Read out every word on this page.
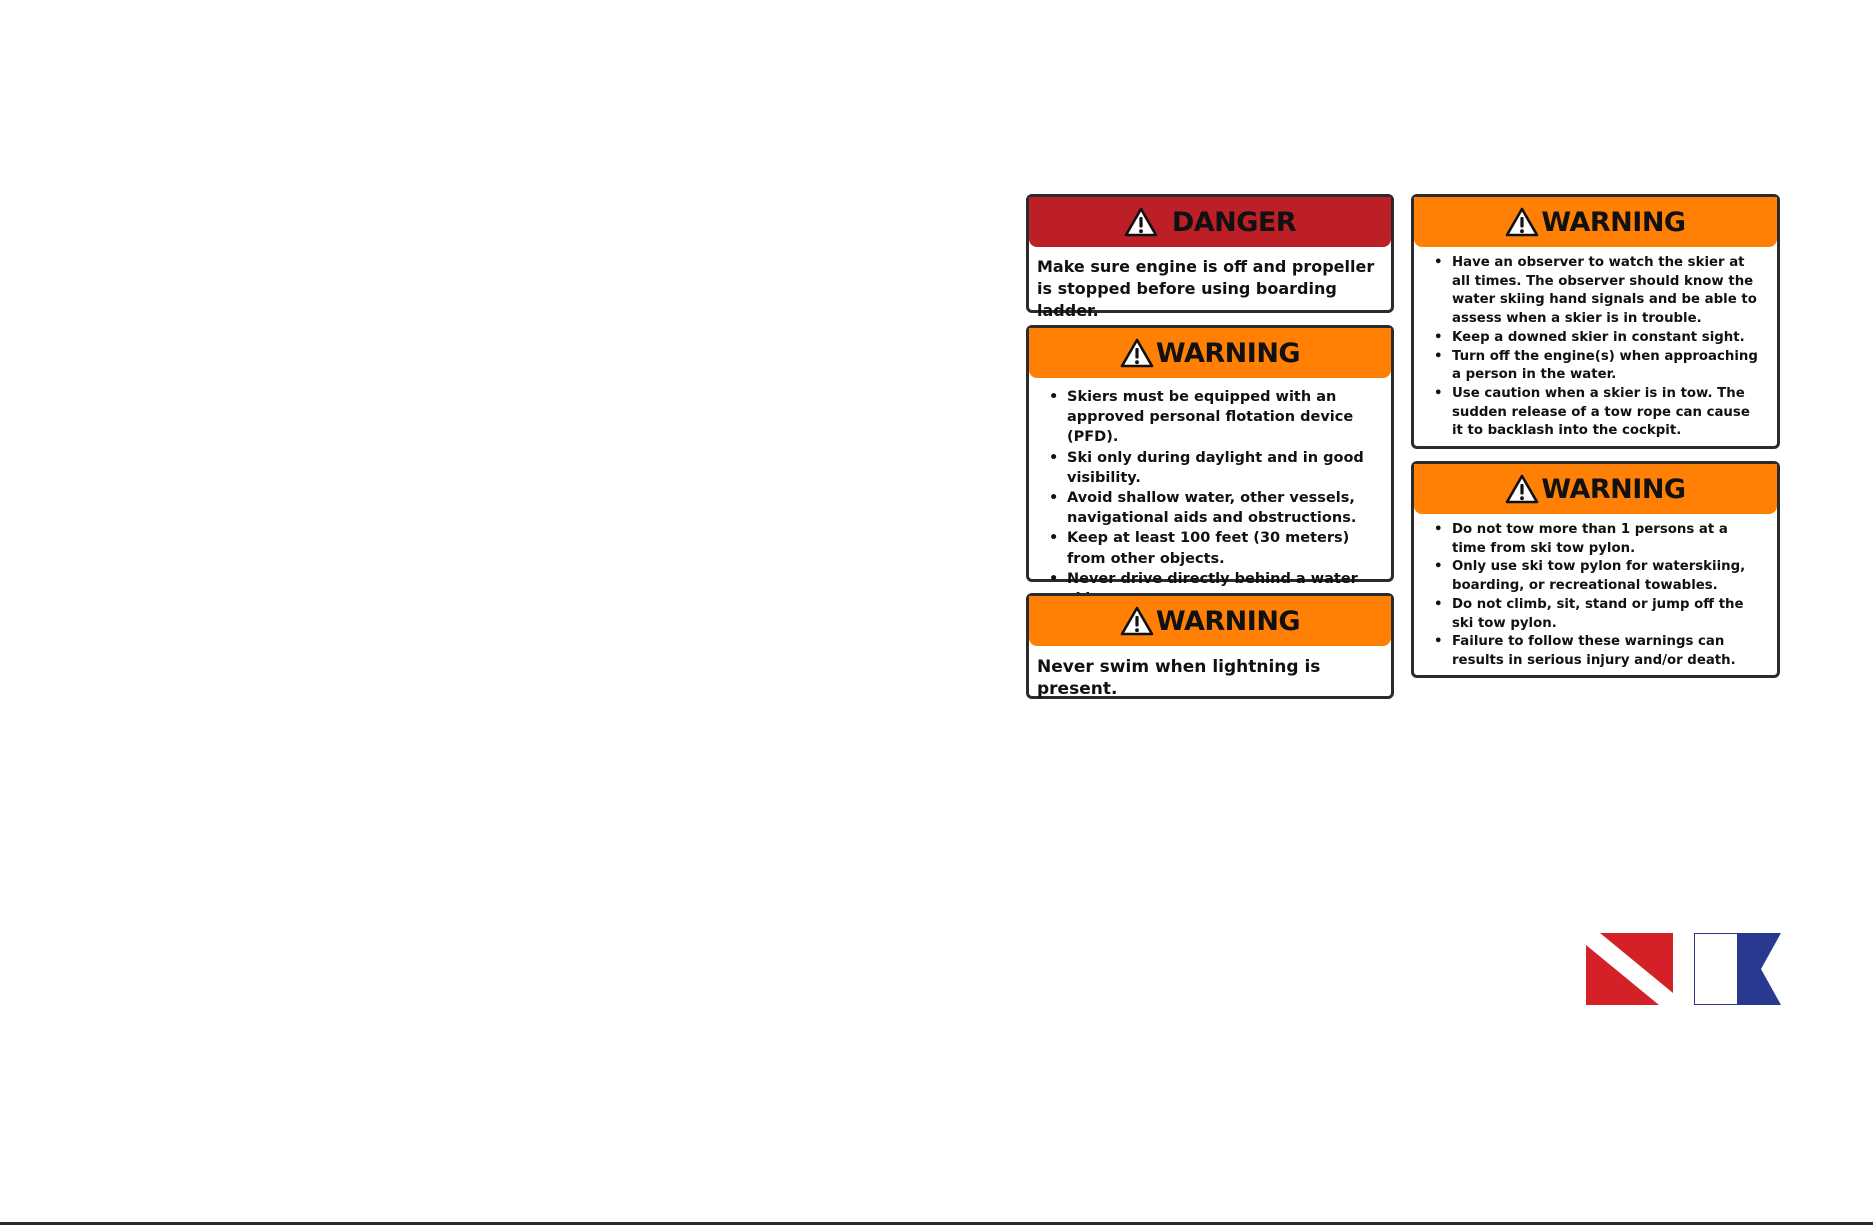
DANGER

Make sure engine is off and propeller is stopped before using boarding ladder.

WARNING
• Skiers must be equipped with an approved personal flotation device (PFD).
• Ski only during daylight and in good visibility.
• Avoid shallow water, other vessels, navigational aids and obstructions.
• Keep at least 100 feet (30 meters) from other objects.
• Never drive directly behind a water
WARNING

Never swim when lightning is present.

WARNING
• Have an observer to watch the skier at all times. The observer should know the water skiing hand signals and be able to assess when a skier is in trouble.
• Keep a downed skier in constant sight.
• Turn off the engine(s) when approaching a person in the water.
• Use caution when a skier is in tow. The sudden release of a tow rope can cause it to backlash into the cockpit.
WARNING
• Do not tow more than 1 persons at a time from ski tow pylon.
• Only use ski tow pylon for waterskiing, boarding, or recreational towables.
• Do not climb, sit, stand or jump off the ski tow pylon.
• Failure to follow these warnings can results in serious injury and/or death.
